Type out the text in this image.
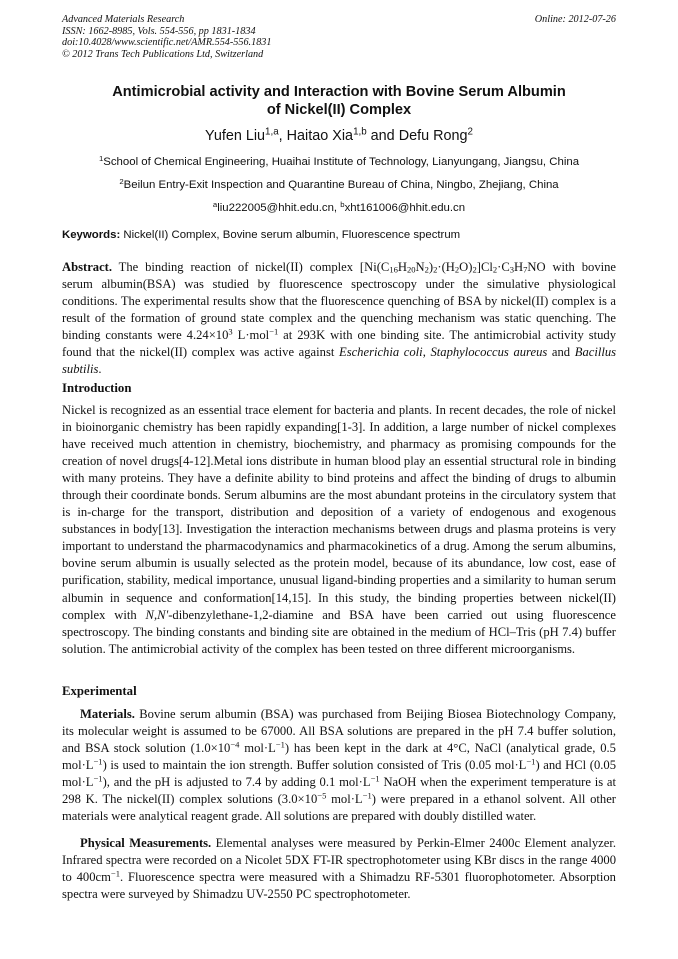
Advanced Materials Research
ISSN: 1662-8985, Vols. 554-556, pp 1831-1834
doi:10.4028/www.scientific.net/AMR.554-556.1831
© 2012 Trans Tech Publications Ltd, Switzerland
Online: 2012-07-26
Antimicrobial activity and Interaction with Bovine Serum Albumin
of Nickel(II) Complex
Yufen Liu$^{1,a}$, Haitao Xia$^{1,b}$ and Defu Rong$^2$
$^1$School of Chemical Engineering, Huaihai Institute of Technology, Lianyungang, Jiangsu, China
$^2$Beilun Entry-Exit Inspection and Quarantine Bureau of China, Ningbo, Zhejiang, China
$^a$liu222005@hhit.edu.cn, $^b$xht161006@hhit.edu.cn
Keywords: Nickel(II) Complex, Bovine serum albumin, Fluorescence spectrum
Abstract. The binding reaction of nickel(II) complex $[Ni(C_{16}H_{20}N_2)_2\cdot(H_2O)_2]Cl_2\cdot C_3H_7NO$ with bovine serum albumin(BSA) was studied by fluorescence spectroscopy under the simulative physiological conditions. The experimental results show that the fluorescence quenching of BSA by nickel(II) complex is a result of the formation of ground state complex and the quenching mechanism was static quenching. The binding constants were $4.24\times 10^3$ L·mol$^{-1}$ at 293K with one binding site. The antimicrobial activity study found that the nickel(II) complex was active against Escherichia coli, Staphylococcus aureus and Bacillus subtilis.
Introduction
Nickel is recognized as an essential trace element for bacteria and plants. In recent decades, the role of nickel in bioinorganic chemistry has been rapidly expanding[1-3]. In addition, a large number of nickel complexes have received much attention in chemistry, biochemistry, and pharmacy as promising compounds for the creation of novel drugs[4-12].Metal ions distribute in human blood play an essential structural role in binding with many proteins. They have a definite ability to bind proteins and affect the binding of drugs to albumin through their coordinate bonds. Serum albumins are the most abundant proteins in the circulatory system that is in-charge for the transport, distribution and deposition of a variety of endogenous and exogenous substances in body[13]. Investigation the interaction mechanisms between drugs and plasma proteins is very important to understand the pharmacodynamics and pharmacokinetics of a drug. Among the serum albumins, bovine serum albumin is usually selected as the protein model, because of its abundance, low cost, ease of purification, stability, medical importance, unusual ligand-binding properties and a similarity to human serum albumin in sequence and conformation[14,15]. In this study, the binding properties between nickel(II) complex with N,N'-dibenzylethane-1,2-diamine and BSA have been carried out using fluorescence spectroscopy. The binding constants and binding site are obtained in the medium of HCl–Tris (pH 7.4) buffer solution. The antimicrobial activity of the complex has been tested on three different microorganisms.
Experimental
Materials. Bovine serum albumin (BSA) was purchased from Beijing Biosea Biotechnology Company, its molecular weight is assumed to be 67000. All BSA solutions are prepared in the pH 7.4 buffer solution, and BSA stock solution ($1.0\times 10^{-4}$ $mol\cdot L^{-1}$) has been kept in the dark at 4°C, NaCl (analytical grade, 0.5 $mol\cdot L^{-1}$) is used to maintain the ion strength. Buffer solution consisted of Tris (0.05 $mol\cdot L^{-1}$) and HCl (0.05 $mol\cdot L^{-1}$), and the pH is adjusted to 7.4 by adding 0.1 $mol\cdot L^{-1}$ NaOH when the experiment temperature is at 298 K. The nickel(II) complex solutions ($3.0\times 10^{-5}$ $mol\cdot L^{-1}$) were prepared in a ethanol solvent. All other materials were analytical reagent grade. All solutions are prepared with doubly distilled water.
Physical Measurements. Elemental analyses were measured by Perkin-Elmer 2400c Element analyzer. Infrared spectra were recorded on a Nicolet 5DX FT-IR spectrophotometer using KBr discs in the range 4000 to $400cm^{-1}$. Fluorescence spectra were measured with a Shimadzu RF-5301 fluorophotometer. Absorption spectra were surveyed by Shimadzu UV-2550 PC spectrophotometer.
